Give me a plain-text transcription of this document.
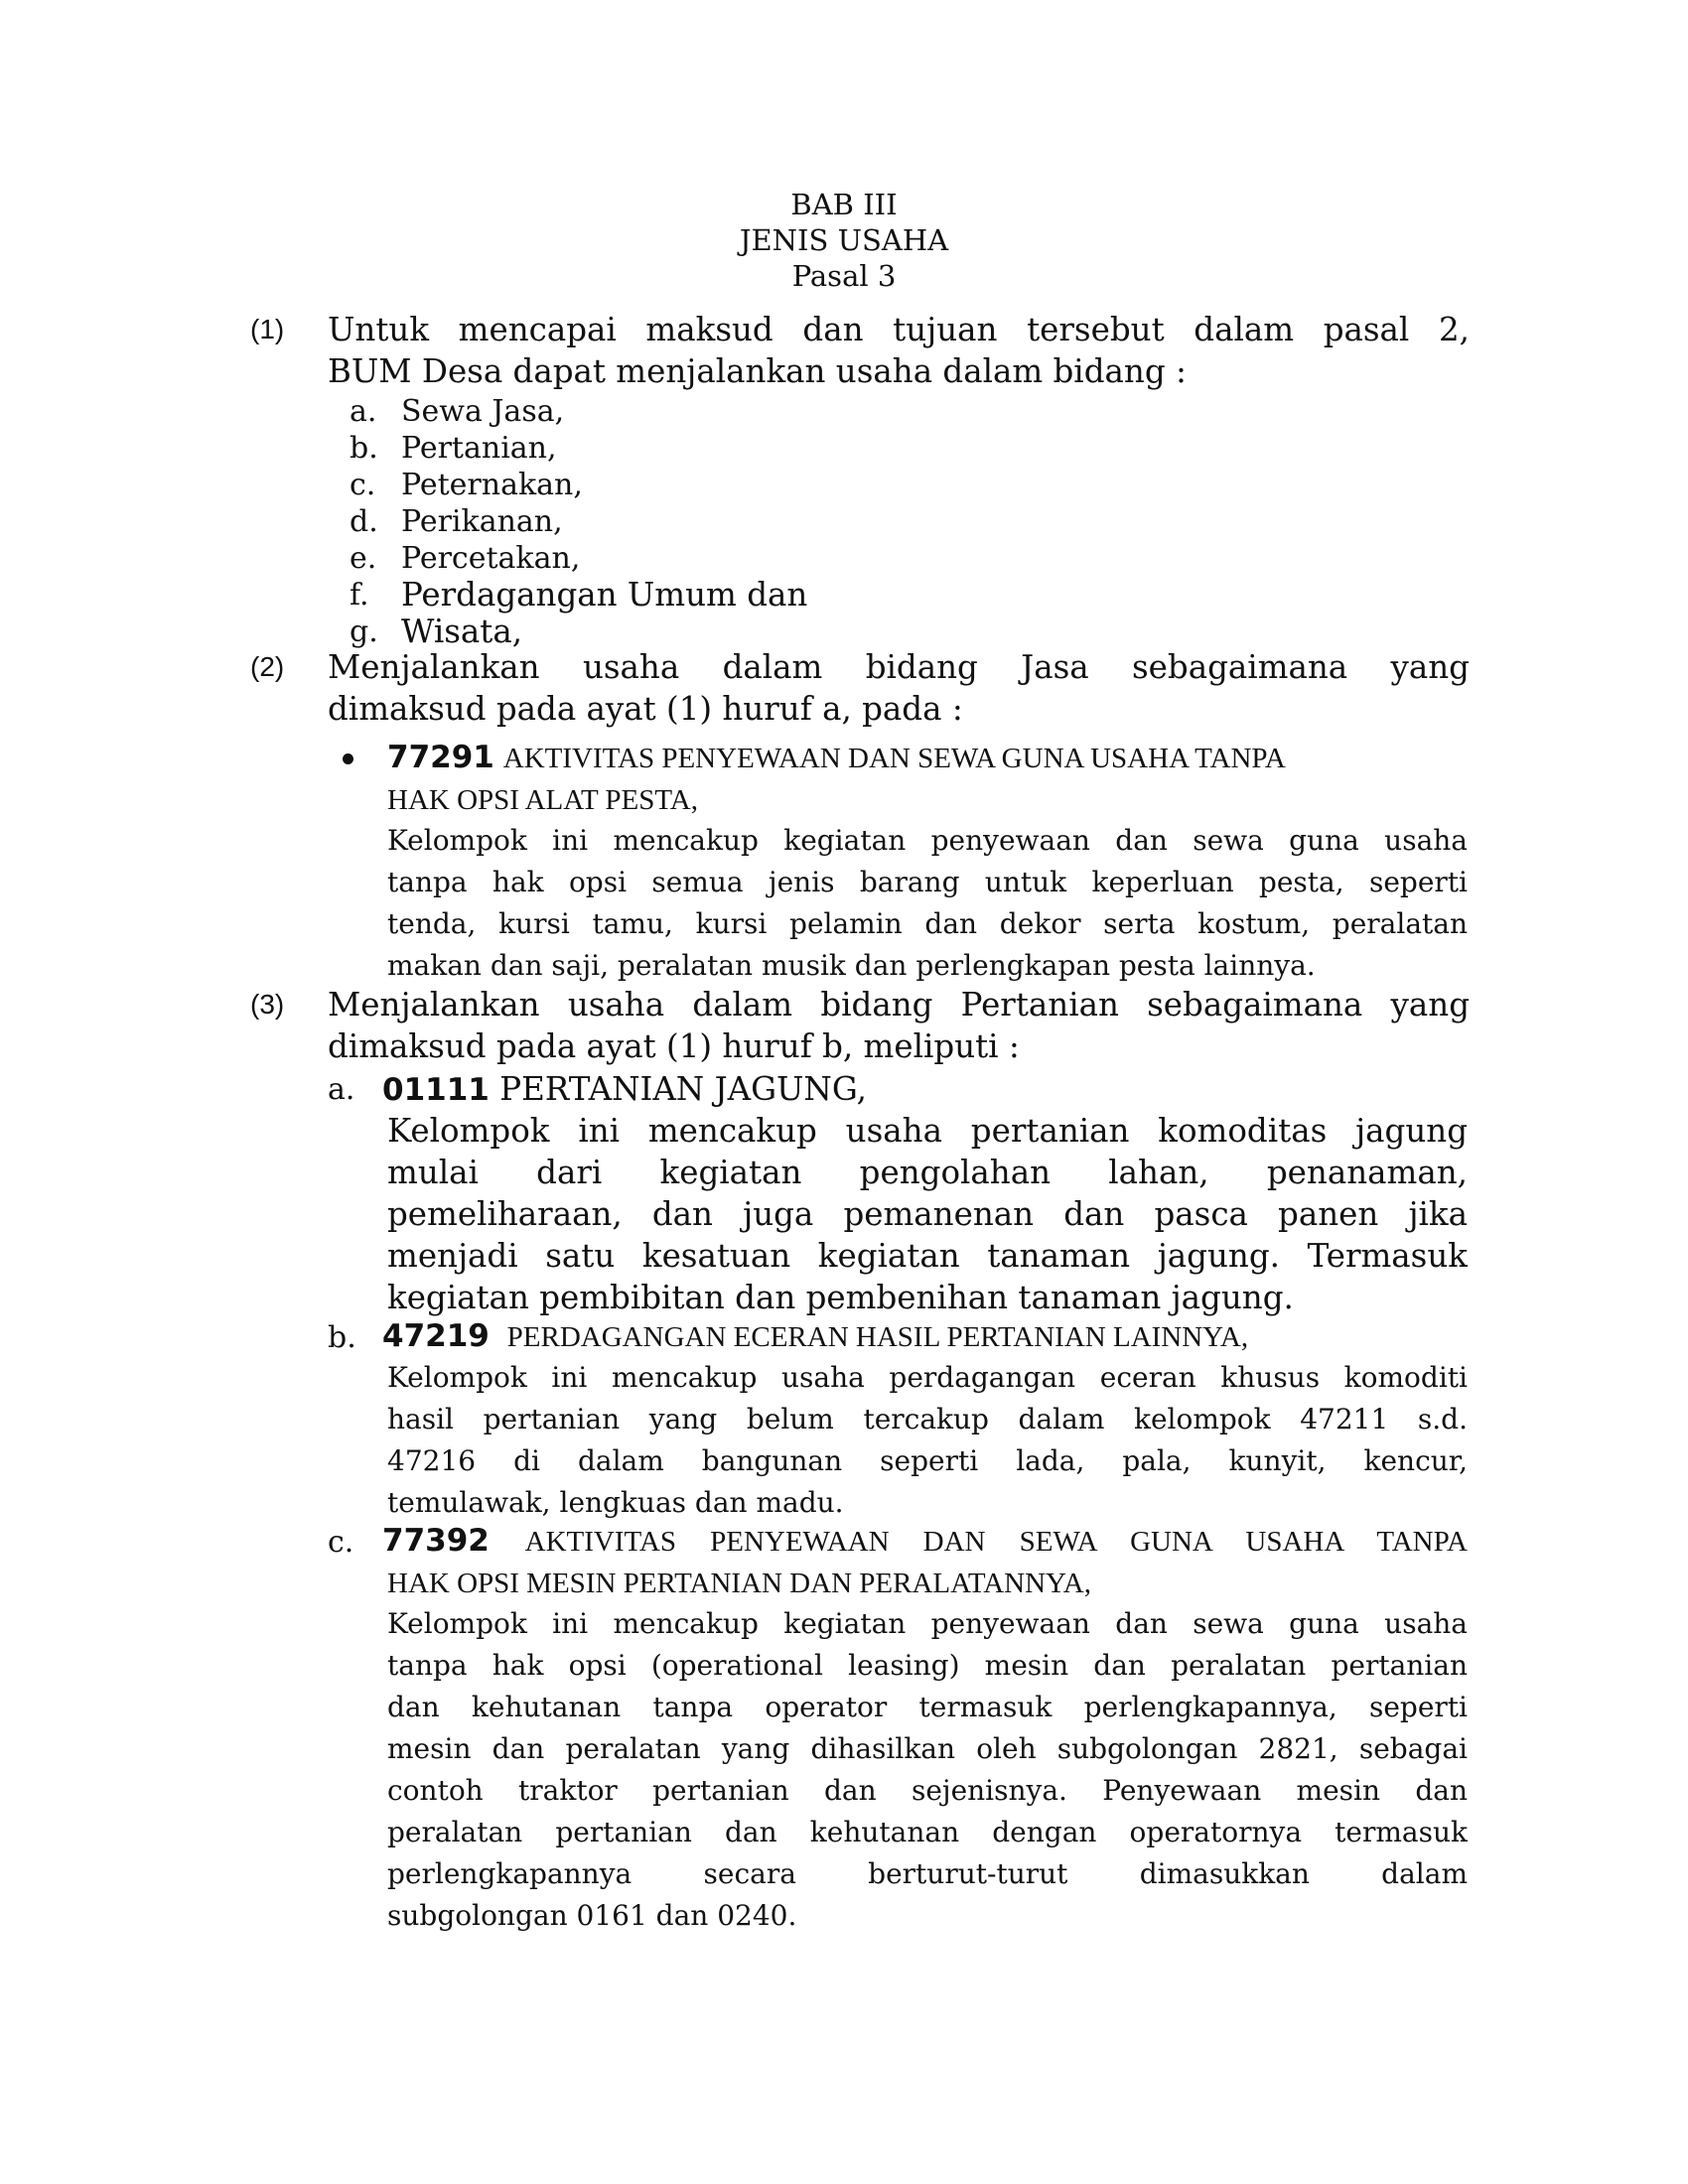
BAB III
JENIS USAHA
Pasal 3
(1) Untuk mencapai maksud dan tujuan tersebut dalam pasal 2,
BUM Desa dapat menjalankan usaha dalam bidang :
a. Sewa Jasa,
b. Pertanian,
c. Peternakan,
d. Perikanan,
e. Percetakan,
f. Perdagangan Umum dan
g. Wisata,
(2) Menjalankan usaha dalam bidang Jasa sebagaimana yang
dimaksud pada ayat (1) huruf a, pada :
77291 AKTIVITAS PENYEWAAN DAN SEWA GUNA USAHA TANPA
HAK OPSI ALAT PESTA,
Kelompok ini mencakup kegiatan penyewaan dan sewa guna usaha
tanpa hak opsi semua jenis barang untuk keperluan pesta, seperti
tenda, kursi tamu, kursi pelamin dan dekor serta kostum, peralatan
makan dan saji, peralatan musik dan perlengkapan pesta lainnya.
(3) Menjalankan usaha dalam bidang Pertanian sebagaimana yang
dimaksud pada ayat (1) huruf b, meliputi :
a. 01111 PERTANIAN JAGUNG,
Kelompok ini mencakup usaha pertanian komoditas jagung
mulai dari kegiatan pengolahan lahan, penanaman,
pemeliharaan, dan juga pemanenan dan pasca panen jika
menjadi satu kesatuan kegiatan tanaman jagung. Termasuk
kegiatan pembibitan dan pembenihan tanaman jagung.
b. 47219 PERDAGANGAN ECERAN HASIL PERTANIAN LAINNYA,
Kelompok ini mencakup usaha perdagangan eceran khusus komoditi
hasil pertanian yang belum tercakup dalam kelompok 47211 s.d.
47216 di dalam bangunan seperti lada, pala, kunyit, kencur,
temulawak, lengkuas dan madu.
c. 77392 AKTIVITAS PENYEWAAN DAN SEWA GUNA USAHA TANPA
HAK OPSI MESIN PERTANIAN DAN PERALATANNYA,
Kelompok ini mencakup kegiatan penyewaan dan sewa guna usaha
tanpa hak opsi (operational leasing) mesin dan peralatan pertanian
dan kehutanan tanpa operator termasuk perlengkapannya, seperti
mesin dan peralatan yang dihasilkan oleh subgolongan 2821, sebagai
contoh traktor pertanian dan sejenisnya. Penyewaan mesin dan
peralatan pertanian dan kehutanan dengan operatornya termasuk
perlengkapannya secara berturut-turut dimasukkan dalam
subgolongan 0161 dan 0240.
